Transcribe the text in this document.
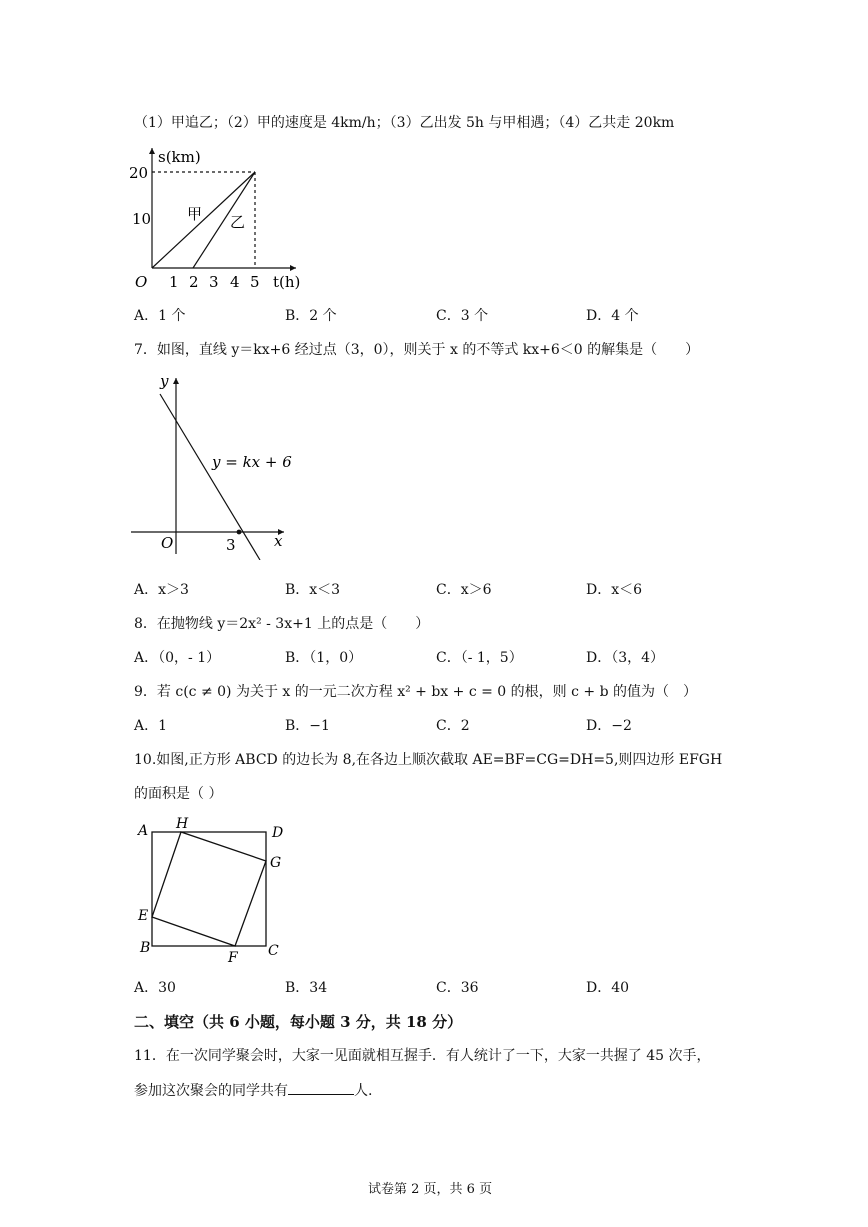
（1）甲追乙；（2）甲的速度是 4km/h；（3）乙出发 5h 与甲相遇；（4）乙共走 20km
s(km)
t(h)
O
20
10
1 2 3 4 5
甲 乙
A．1 个	B．2 个	C．3 个	D．4 个
7．如图，直线 y＝kx+6 经过点（3，0），则关于 x 的不等式 kx+6＜0 的解集是（　　）
y
x
O	3
y = kx + 6
A．x＞3	B．x＜3	C．x＞6	D．x＜6
8．在抛物线 y＝2x² - 3x+1 上的点是（　　）
A．（0，- 1）	B．（1，0）	C．（- 1，5）	D．（3，4）
9．若 c(c ≠ 0) 为关于 x 的一元二次方程 x² + bx + c = 0 的根，则 c + b 的值为（　）
A．1	B．−1	C．2	D．−2
10.如图,正方形 ABCD 的边长为 8,在各边上顺次截取 AE=BF=CG=DH=5,则四边形 EFGH
的面积是（ ）
A
B	C
D
E
F
G
H
A．30	B．34	C．36	D．40
二、填空（共 6 小题，每小题 3 分，共 18 分）
11．在一次同学聚会时，大家一见面就相互握手．有人统计了一下，大家一共握了 45 次手，
参加这次聚会的同学共有	人.
试卷第 2 页，共 6 页
